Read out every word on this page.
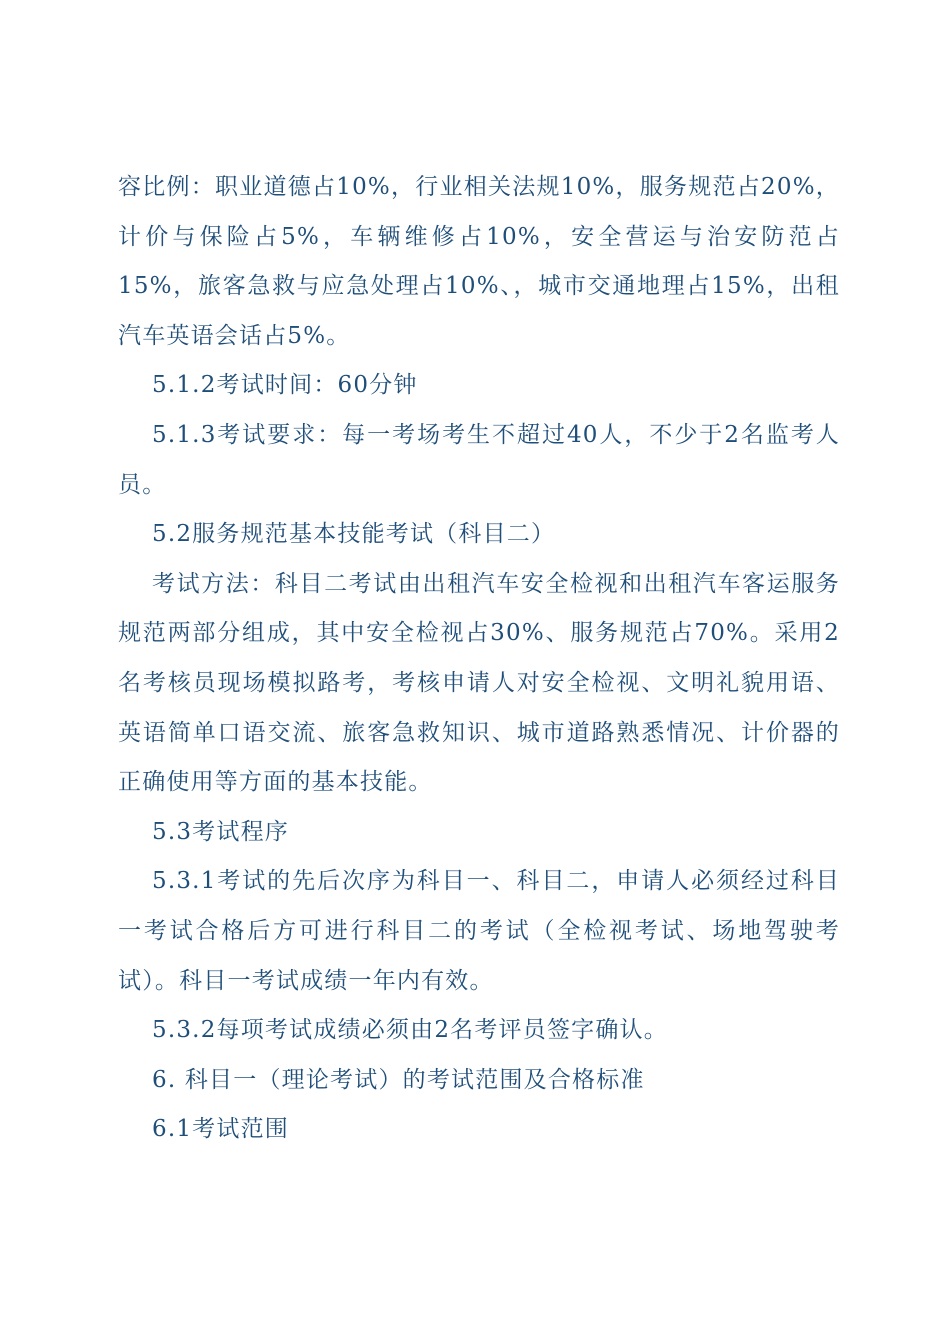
容比例：职业道德占10%，行业相关法规10%，服务规范占20%，计价与保险占5%，车辆维修占10%，安全营运与治安防范占15%，旅客急救与应急处理占10%、，城市交通地理占15%，出租汽车英语会话占5%。

5.1.2考试时间：60分钟

5.1.3考试要求：每一考场考生不超过40人，不少于2名监考人员。

5.2服务规范基本技能考试（科目二）

考试方法：科目二考试由出租汽车安全检视和出租汽车客运服务规范两部分组成，其中安全检视占30%、服务规范占70%。采用2名考核员现场模拟路考，考核申请人对安全检视、文明礼貌用语、英语简单口语交流、旅客急救知识、城市道路熟悉情况、计价器的正确使用等方面的基本技能。

5.3考试程序

5.3.1考试的先后次序为科目一、科目二，申请人必须经过科目一考试合格后方可进行科目二的考试（全检视考试、场地驾驶考试）。科目一考试成绩一年内有效。

5.3.2每项考试成绩必须由2名考评员签字确认。

6. 科目一（理论考试）的考试范围及合格标准

6.1考试范围
